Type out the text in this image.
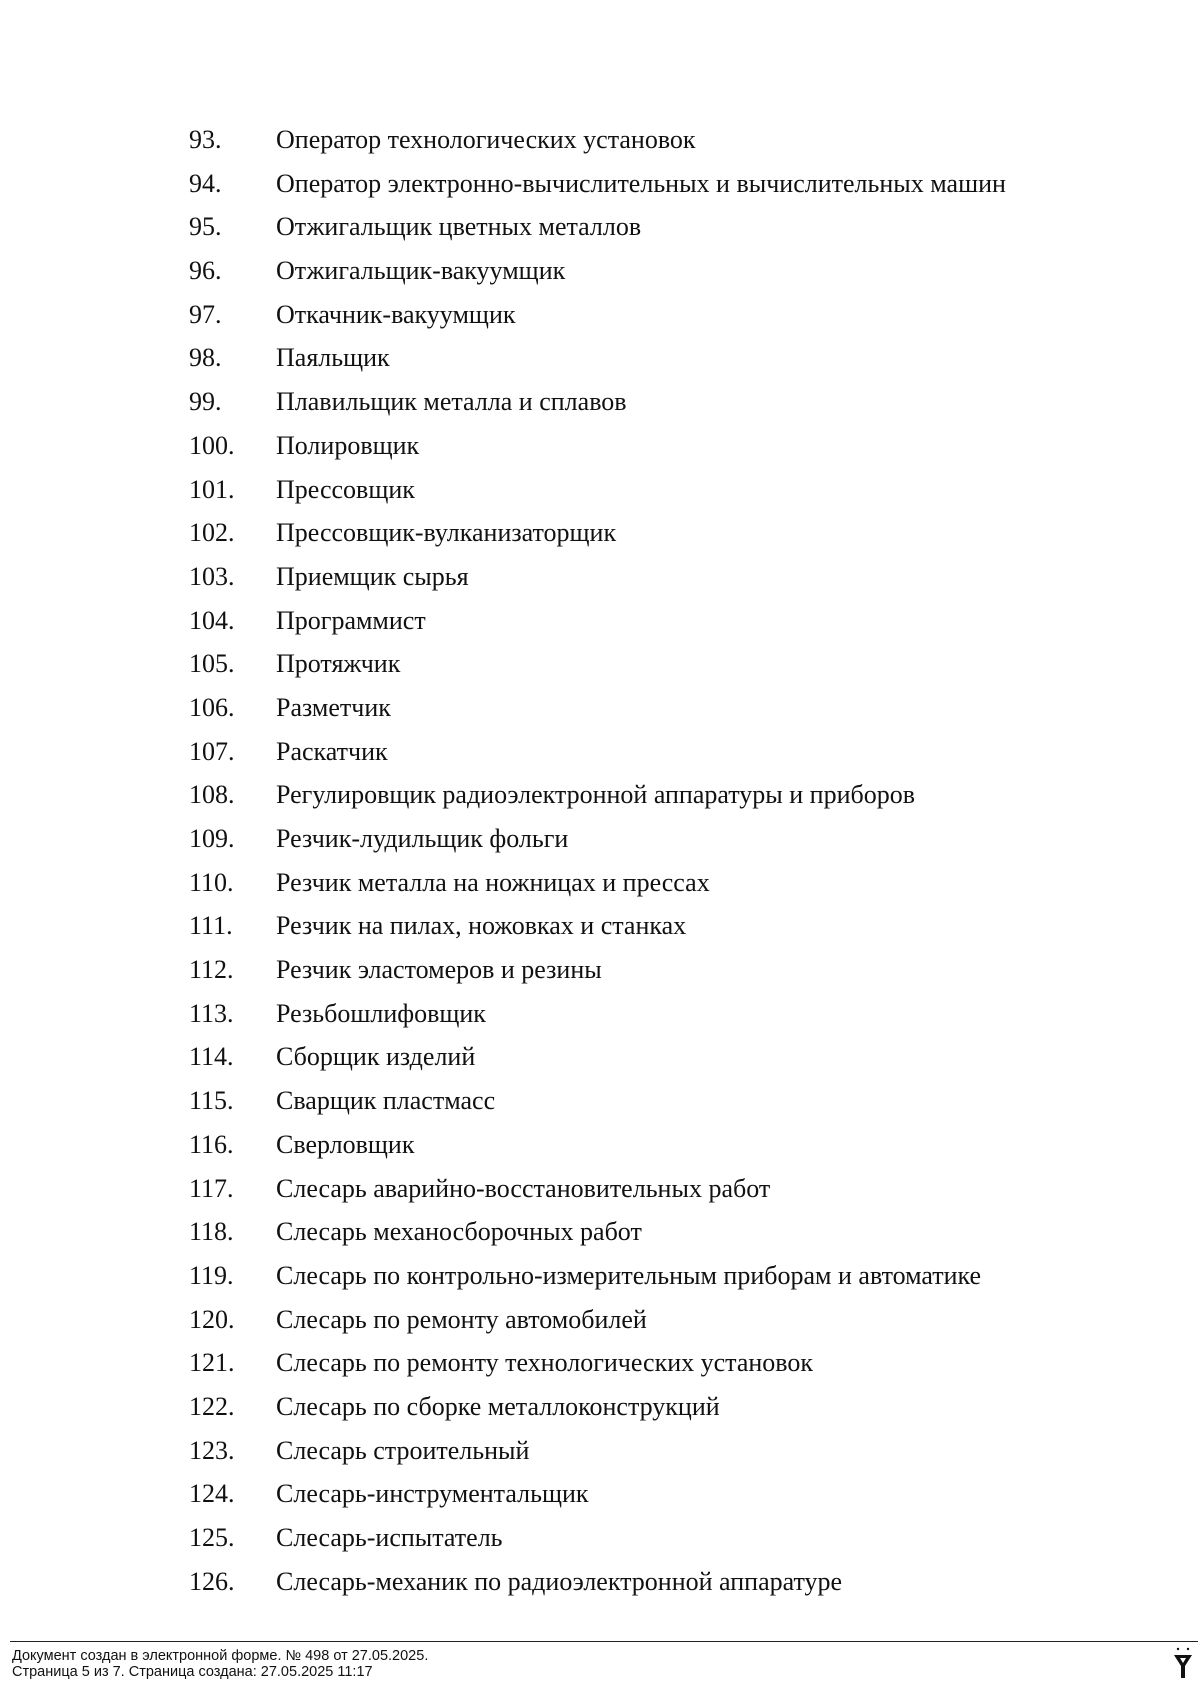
93. Оператор технологических установок
94. Оператор электронно-вычислительных и вычислительных машин
95. Отжигальщик цветных металлов
96. Отжигальщик-вакуумщик
97. Откачник-вакуумщик
98. Паяльщик
99. Плавильщик металла и сплавов
100. Полировщик
101. Прессовщик
102. Прессовщик-вулканизаторщик
103. Приемщик сырья
104. Программист
105. Протяжчик
106. Разметчик
107. Раскатчик
108. Регулировщик радиоэлектронной аппаратуры и приборов
109. Резчик-лудильщик фольги
110. Резчик металла на ножницах и прессах
111. Резчик на пилах, ножовках и станках
112. Резчик эластомеров и резины
113. Резьбошлифовщик
114. Сборщик изделий
115. Сварщик пластмасс
116. Сверловщик
117. Слесарь аварийно-восстановительных работ
118. Слесарь механосборочных работ
119. Слесарь по контрольно-измерительным приборам и автоматике
120. Слесарь по ремонту автомобилей
121. Слесарь по ремонту технологических установок
122. Слесарь по сборке металлоконструкций
123. Слесарь строительный
124. Слесарь-инструментальщик
125. Слесарь-испытатель
126. Слесарь-механик по радиоэлектронной аппаратуре
Документ создан в электронной форме. № 498 от 27.05.2025.
Страница 5 из 7. Страница создана: 27.05.2025 11:17
